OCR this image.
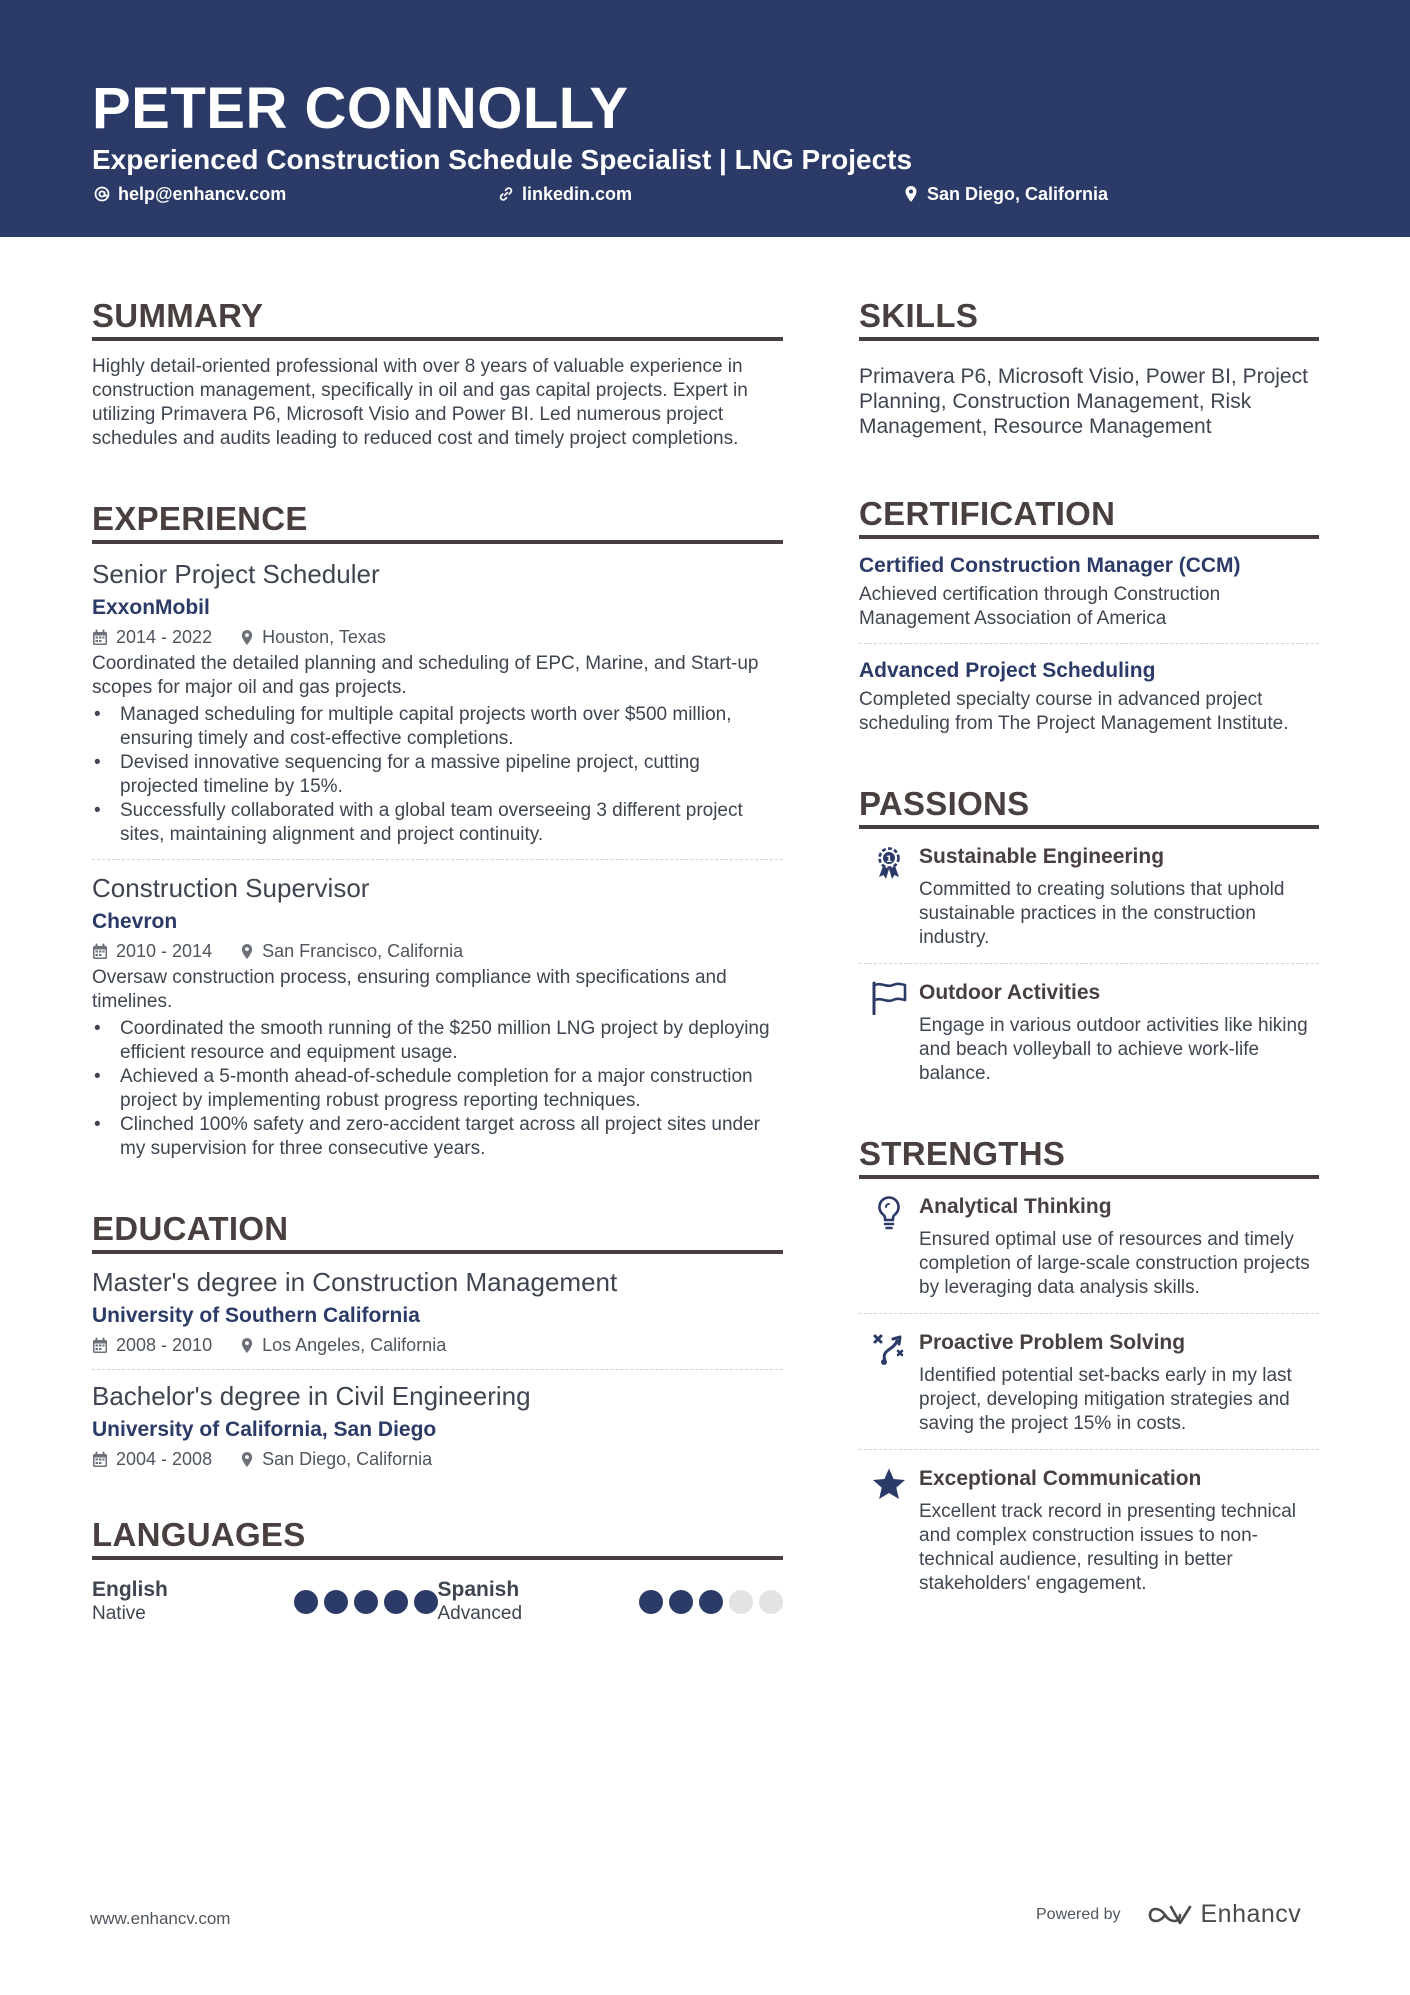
PETER CONNOLLY
Experienced Construction Schedule Specialist | LNG Projects
help@enhancv.com	linkedin.com	San Diego, California
SUMMARY
Highly detail-oriented professional with over 8 years of valuable experience in construction management, specifically in oil and gas capital projects. Expert in utilizing Primavera P6, Microsoft Visio and Power BI. Led numerous project schedules and audits leading to reduced cost and timely project completions.
EXPERIENCE
Senior Project Scheduler
ExxonMobil
2014 - 2022	Houston, Texas
Coordinated the detailed planning and scheduling of EPC, Marine, and Start-up scopes for major oil and gas projects.
• Managed scheduling for multiple capital projects worth over $500 million, ensuring timely and cost-effective completions.
• Devised innovative sequencing for a massive pipeline project, cutting projected timeline by 15%.
• Successfully collaborated with a global team overseeing 3 different project sites, maintaining alignment and project continuity.
Construction Supervisor
Chevron
2010 - 2014	San Francisco, California
Oversaw construction process, ensuring compliance with specifications and timelines.
• Coordinated the smooth running of the $250 million LNG project by deploying efficient resource and equipment usage.
• Achieved a 5-month ahead-of-schedule completion for a major construction project by implementing robust progress reporting techniques.
• Clinched 100% safety and zero-accident target across all project sites under my supervision for three consecutive years.
EDUCATION
Master's degree in Construction Management
University of Southern California
2008 - 2010	Los Angeles, California
Bachelor's degree in Civil Engineering
University of California, San Diego
2004 - 2008	San Diego, California
LANGUAGES
English
Native
Spanish
Advanced
SKILLS
Primavera P6, Microsoft Visio, Power BI, Project Planning, Construction Management, Risk Management, Resource Management
CERTIFICATION
Certified Construction Manager (CCM)
Achieved certification through Construction Management Association of America
Advanced Project Scheduling
Completed specialty course in advanced project scheduling from The Project Management Institute.
PASSIONS
1 Sustainable Engineering
Committed to creating solutions that uphold sustainable practices in the construction industry.
Outdoor Activities
Engage in various outdoor activities like hiking and beach volleyball to achieve work-life balance.
STRENGTHS
Analytical Thinking
Ensured optimal use of resources and timely completion of large-scale construction projects by leveraging data analysis skills.
Proactive Problem Solving
Identified potential set-backs early in my last project, developing mitigation strategies and saving the project 15% in costs.
Exceptional Communication
Excellent track record in presenting technical and complex construction issues to non-technical audience, resulting in better stakeholders' engagement.
www.enhancv.com	Powered by	Enhancv
